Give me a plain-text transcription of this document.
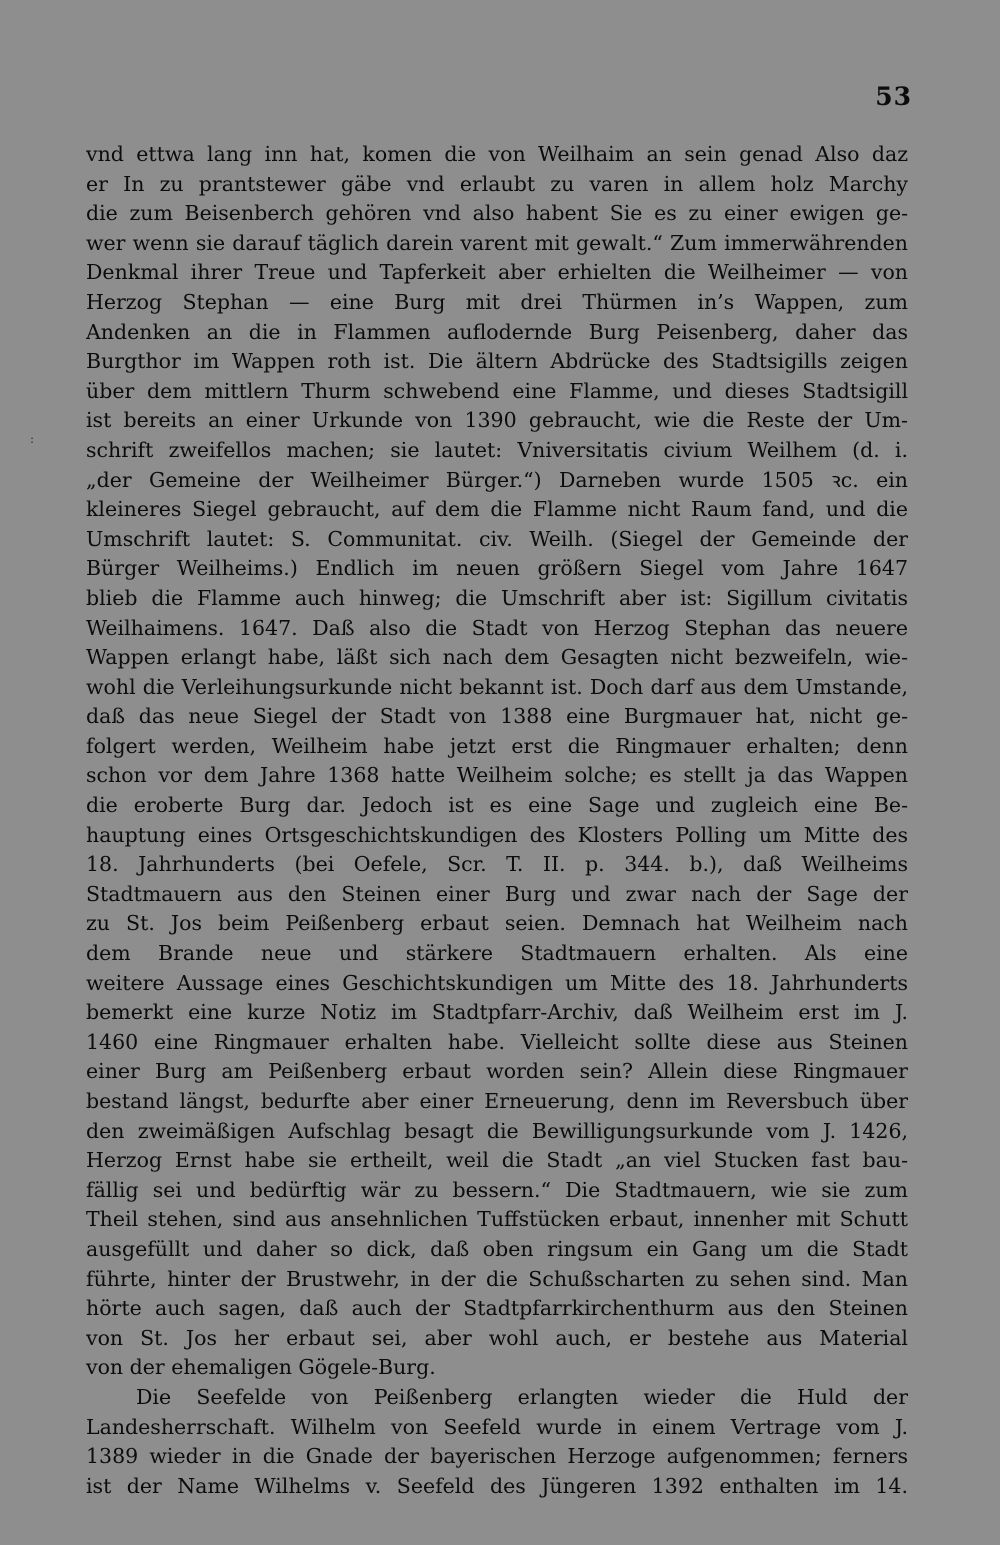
53
:
vnd ettwa lang inn hat, komen die von Weilhaim an sein genad Also daz
er In zu prantstewer gäbe vnd erlaubt zu varen in allem holz Marchy
die zum Beisenberch gehören vnd also habent Sie es zu einer ewigen ge-
wer wenn sie darauf täglich darein varent mit gewalt.“ Zum immerwährenden
Denkmal ihrer Treue und Tapferkeit aber erhielten die Weilheimer — von
Herzog Stephan — eine Burg mit drei Thürmen in’s Wappen, zum
Andenken an die in Flammen auflodernde Burg Peisenberg, daher das
Burgthor im Wappen roth ist. Die ältern Abdrücke des Stadtsigills zeigen
über dem mittlern Thurm schwebend eine Flamme, und dieses Stadtsigill
ist bereits an einer Urkunde von 1390 gebraucht, wie die Reste der Um-
schrift zweifellos machen; sie lautet: Vniversitatis civium Weilhem (d. i.
„der Gemeine der Weilheimer Bürger.“) Darneben wurde 1505 ꝛc. ein
kleineres Siegel gebraucht, auf dem die Flamme nicht Raum fand, und die
Umschrift lautet: S. Communitat. civ. Weilh. (Siegel der Gemeinde der
Bürger Weilheims.) Endlich im neuen größern Siegel vom Jahre 1647
blieb die Flamme auch hinweg; die Umschrift aber ist: Sigillum civitatis
Weilhaimens. 1647. Daß also die Stadt von Herzog Stephan das neuere
Wappen erlangt habe, läßt sich nach dem Gesagten nicht bezweifeln, wie-
wohl die Verleihungsurkunde nicht bekannt ist. Doch darf aus dem Umstande,
daß das neue Siegel der Stadt von 1388 eine Burgmauer hat, nicht ge-
folgert werden, Weilheim habe jetzt erst die Ringmauer erhalten; denn
schon vor dem Jahre 1368 hatte Weilheim solche; es stellt ja das Wappen
die eroberte Burg dar. Jedoch ist es eine Sage und zugleich eine Be-
hauptung eines Ortsgeschichtskundigen des Klosters Polling um Mitte des
18. Jahrhunderts (bei Oefele, Scr. T. II. p. 344. b.), daß Weilheims
Stadtmauern aus den Steinen einer Burg und zwar nach der Sage der
zu St. Jos beim Peißenberg erbaut seien. Demnach hat Weilheim nach
dem Brande neue und stärkere Stadtmauern erhalten. Als eine
weitere Aussage eines Geschichtskundigen um Mitte des 18. Jahrhunderts
bemerkt eine kurze Notiz im Stadtpfarr-Archiv, daß Weilheim erst im J.
1460 eine Ringmauer erhalten habe. Vielleicht sollte diese aus Steinen
einer Burg am Peißenberg erbaut worden sein? Allein diese Ringmauer
bestand längst, bedurfte aber einer Erneuerung, denn im Reversbuch über
den zweimäßigen Aufschlag besagt die Bewilligungsurkunde vom J. 1426,
Herzog Ernst habe sie ertheilt, weil die Stadt „an viel Stucken fast bau-
fällig sei und bedürftig wär zu bessern.“ Die Stadtmauern, wie sie zum
Theil stehen, sind aus ansehnlichen Tuffstücken erbaut, innenher mit Schutt
ausgefüllt und daher so dick, daß oben ringsum ein Gang um die Stadt
führte, hinter der Brustwehr, in der die Schußscharten zu sehen sind. Man
hörte auch sagen, daß auch der Stadtpfarrkirchenthurm aus den Steinen
von St. Jos her erbaut sei, aber wohl auch, er bestehe aus Material
von der ehemaligen Gögele-Burg.
Die Seefelde von Peißenberg erlangten wieder die Huld der
Landesherrschaft. Wilhelm von Seefeld wurde in einem Vertrage vom J.
1389 wieder in die Gnade der bayerischen Herzoge aufgenommen; ferners
ist der Name Wilhelms v. Seefeld des Jüngeren 1392 enthalten im 14.
